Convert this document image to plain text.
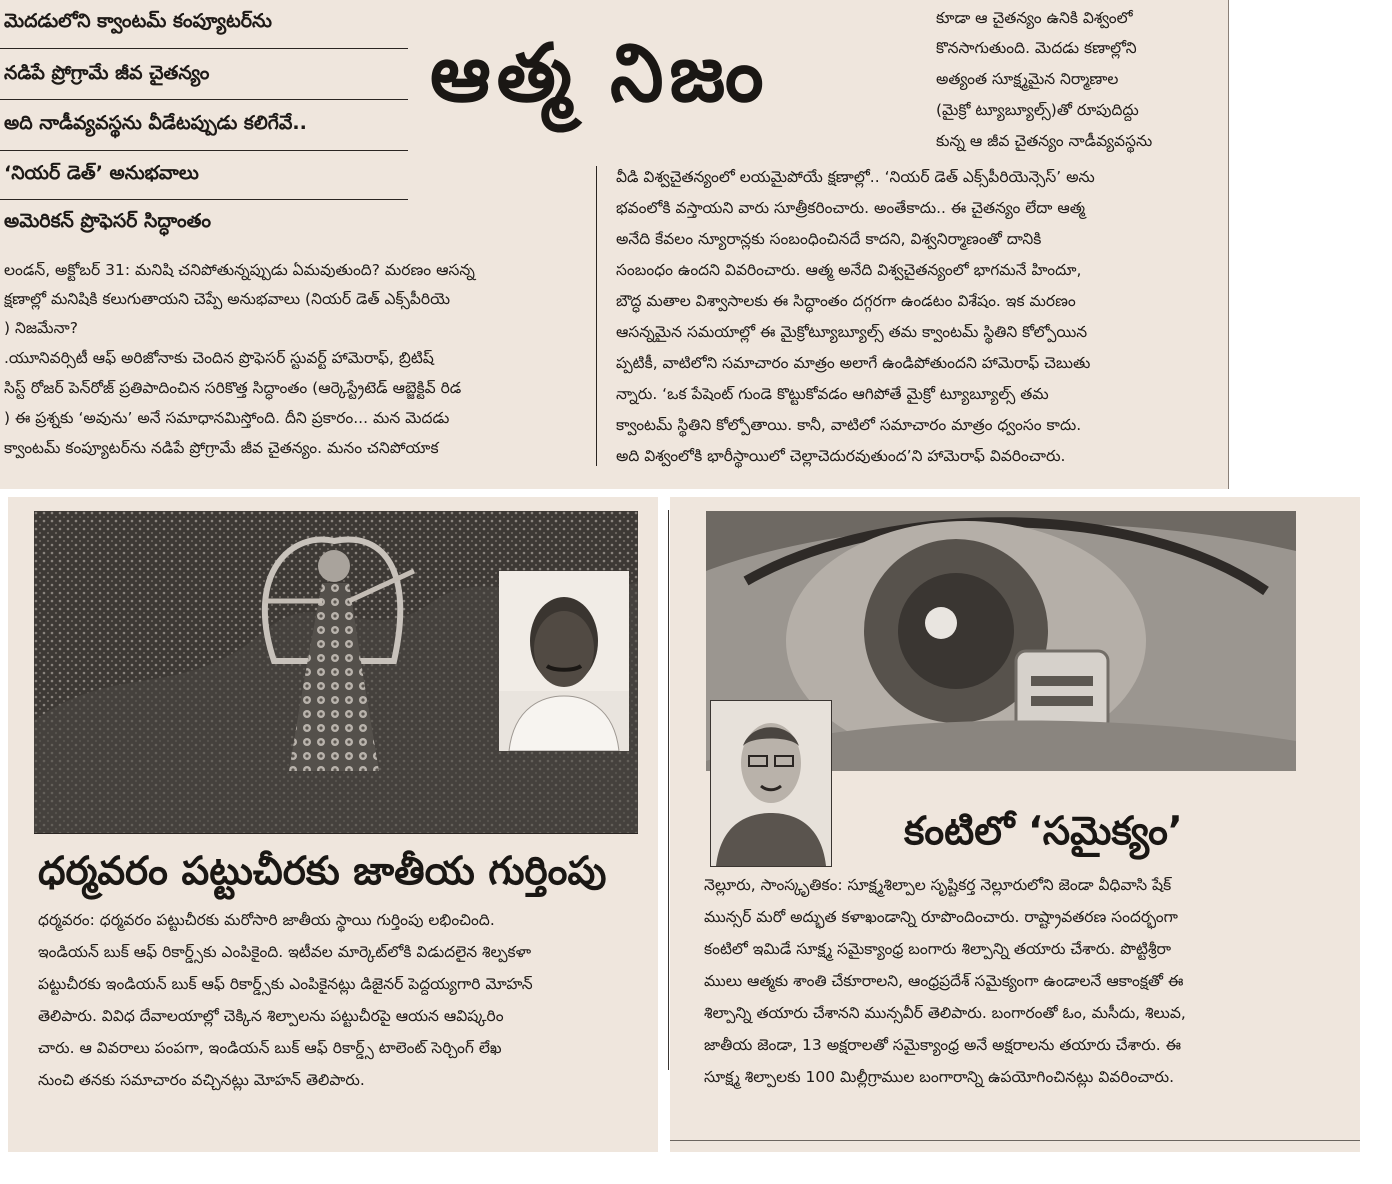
మెదడులోని క్వాంటమ్ కంప్యూటర్‌ను
నడిపే ప్రోగ్రామే జీవ చైతన్యం
అది నాడీవ్యవస్థను వీడేటప్పుడు కలిగేవే..
‘నియర్ డెత్’ అనుభవాలు
అమెరికన్ ప్రొఫెసర్ సిద్ధాంతం
ఆత్మ నిజం
కూడా ఆ చైతన్యం ఉనికి విశ్వంలో
కొనసాగుతుంది. మెదడు కణాల్లోని
అత్యంత సూక్ష్మమైన నిర్మాణాల
(మైక్రో ట్యూబ్యూల్స్)తో రూపుదిద్దు
కున్న ఆ జీవ చైతన్యం నాడీవ్యవస్థను
లండన్, అక్టోబర్ 31: మనిషి చనిపోతున్నప్పుడు ఏమవుతుంది? మరణం ఆసన్న
క్షణాల్లో మనిషికి కలుగుతాయని చెప్పే అనుభవాలు (నియర్ డెత్ ఎక్స్‌పీరియె
) నిజమేనా?
.యూనివర్సిటీ ఆఫ్ అరిజోనాకు చెందిన ప్రొఫెసర్ స్టువర్ట్ హామెరాఫ్, బ్రిటిష్
సిస్ట్ రోజర్ పెన్‌రోజ్ ప్రతిపాదించిన సరికొత్త సిద్ధాంతం (ఆర్కెస్ట్రేటెడ్ ఆబ్జెక్టివ్ రిడ
) ఈ ప్రశ్నకు ‘అవును’ అనే సమాధానమిస్తోంది. దీని ప్రకారం... మన మెదడు
క్వాంటమ్ కంప్యూటర్‌ను నడిపే ప్రోగ్రామే జీవ చైతన్యం. మనం చనిపోయాక
వీడి విశ్వచైతన్యంలో లయమైపోయే క్షణాల్లో.. ‘నియర్ డెత్ ఎక్స్‌పీరియెన్సెస్’ అను
భవంలోకి వస్తాయని వారు సూత్రీకరించారు. అంతేకాదు.. ఈ చైతన్యం లేదా ఆత్మ
అనేది కేవలం న్యూరాన్లకు సంబంధించినదే కాదని, విశ్వనిర్మాణంతో దానికి
సంబంధం ఉందని వివరించారు. ఆత్మ అనేది విశ్వచైతన్యంలో భాగమనే హిందూ,
బౌద్ధ మతాల విశ్వాసాలకు ఈ సిద్ధాంతం దగ్గరగా ఉండటం విశేషం. ఇక మరణం
ఆసన్నమైన సమయాల్లో ఈ మైక్రోట్యూబ్యూల్స్ తమ క్వాంటమ్ స్థితిని కోల్పోయిన
ప్పటికీ, వాటిలోని సమాచారం మాత్రం అలాగే ఉండిపోతుందని హామెరాఫ్ చెబుతు
న్నారు. ‘ఒక పేషెంట్ గుండె కొట్టుకోవడం ఆగిపోతే మైక్రో ట్యూబ్యూల్స్ తమ
క్వాంటమ్ స్థితిని కోల్పోతాయి. కానీ, వాటిలో సమాచారం మాత్రం ధ్వంసం కాదు.
అది విశ్వంలోకి భారీస్థాయిలో చెల్లాచెదురవుతుంద’ని హామెరాఫ్ వివరించారు.
ధర్మవరం పట్టుచీరకు జాతీయ గుర్తింపు
ధర్మవరం: ధర్మవరం పట్టుచీరకు మరోసారి జాతీయ స్థాయి గుర్తింపు లభించింది.
ఇండియన్ బుక్ ఆఫ్ రికార్డ్స్‌కు ఎంపికైంది. ఇటీవల మార్కెట్‌లోకి విడుదలైన శిల్పకళా
పట్టుచీరకు ఇండియన్ బుక్ ఆఫ్ రికార్డ్స్‌కు ఎంపికైనట్లు డిజైనర్ పెద్దయ్యగారి మోహన్
తెలిపారు. వివిధ దేవాలయాల్లో చెక్కిన శిల్పాలను పట్టుచీరపై ఆయన ఆవిష్కరిం
చారు. ఆ వివరాలు పంపగా, ఇండియన్ బుక్ ఆఫ్ రికార్డ్స్ టాలెంట్ సెర్చింగ్ లేఖ
నుంచి తనకు సమాచారం వచ్చినట్లు మోహన్ తెలిపారు.
కంటిలో ‘సమైక్యం’
నెల్లూరు, సాంస్కృతికం: సూక్ష్మశిల్పాల సృష్టికర్త నెల్లూరులోని జెండా వీధివాసి షేక్
మున్సర్ మరో అద్భుత కళాఖండాన్ని రూపొందించారు. రాష్ట్రావతరణ సందర్భంగా
కంటిలో ఇమిడే సూక్ష్మ సమైక్యాంధ్ర బంగారు శిల్పాన్ని తయారు చేశారు. పొట్టిశ్రీరా
ములు ఆత్మకు శాంతి చేకూరాలని, ఆంధ్రప్రదేశ్ సమైక్యంగా ఉండాలనే ఆకాంక్షతో ఈ
శిల్పాన్ని తయారు చేశానని మున్సవీర్ తెలిపారు. బంగారంతో ఓం, మసీదు, శిలువ,
జాతీయ జెండా, 13 అక్షరాలతో సమైక్యాంధ్ర అనే అక్షరాలను తయారు చేశారు. ఈ
సూక్ష్మ శిల్పాలకు 100 మిల్లీగ్రాముల బంగారాన్ని ఉపయోగించినట్లు వివరించారు.
